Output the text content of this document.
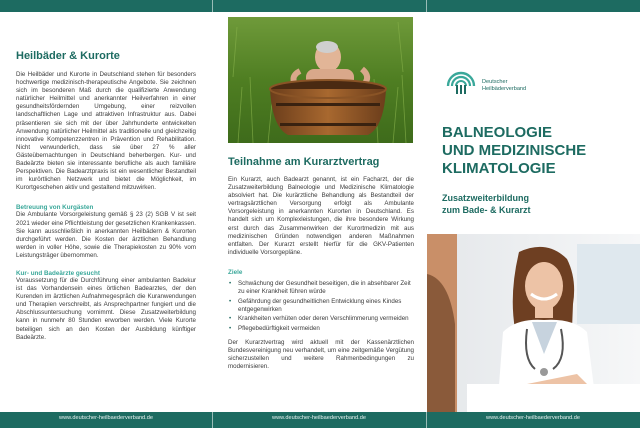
www.deutscher-heilbaederverband.de	www.deutscher-heilbaederverband.de	www.deutscher-heilbaederverband.de
Heilbäder & Kurorte

Die Heilbäder und Kurorte in Deutschland stehen für besonders hochwertige medizinisch-therapeutische Angebote. Sie zeichnen sich im besonderen Maß durch die qualifizierte Anwendung natürlicher Heilmittel und anerkannter Heilverfahren in einer gesundheitsfördernden Umgebung, einer reizvollen landschaftlichen Lage und attraktiven Infrastruktur aus. Dabei präsentieren sie sich mit der über Jahrhunderte entwickelten Anwendung natürlicher Heilmittel als traditionelle und gleichzeitig innovative Kompetenzzentren in Prävention und Rehabilitation. Nicht verwunderlich, dass sie über 27 % aller Gästeübernachtungen in Deutschland beherbergen. Kur- und Badeärzte bieten sie interessante berufliche als auch familiäre Perspektiven. Die Badearztpraxis ist ein wesentlicher Bestandteil im kurörtlichen Netzwerk und bietet die Möglichkeit, im Kurortgeschehen aktiv und gestaltend mitzuwirken.

Betreuung von Kurgästen

Die Ambulante Vorsorgeleistung gemäß § 23 (2) SGB V ist seit 2021 wieder eine Pflichtleistung der gesetzlichen Krankenkassen. Sie kann ausschließlich in anerkannten Heilbädern & Kurorten durchgeführt werden. Die Kosten der ärztlichen Behandlung werden in voller Höhe, sowie die Therapiekosten zu 90% vom Leistungsträger übernommen.

Kur- und Badeärzte gesucht

Voraussetzung für die Durchführung einer ambulanten Badekur ist das Vorhandensein eines örtlichen Badearztes, der den Kurenden im ärztlichen Aufnahmegespräch die Kuranwendungen und Therapien verschreibt, als Ansprechpartner fungiert und die Abschlussuntersuchung vornimmt. Diese Zusatzweiterbildung kann in nunmehr 80 Stunden erworben werden. Viele Kurorte beteiligen sich an den Kosten der Ausbildung künftiger Badeärzte.

Teilnahme am Kurarztvertrag

Ein Kurarzt, auch Badearzt genannt, ist ein Facharzt, der die Zusatzweiterbildung Balneologie und Medizinische Klimatologie absolviert hat. Die kurärztliche Behandlung als Bestandteil der vertragsärztlichen Versorgung erfolgt als Ambulante Vorsorgeleistung in anerkannten Kurorten in Deutschland. Es handelt sich um Komplexleistungen, die ihre besondere Wirkung erst durch das Zusammenwirken der Kurortmedizin mit aus medizinischen Gründen notwendigen anderen Maßnahmen entfalten. Der Kurarzt erstellt hierfür für die GKV-Patienten individuelle Vorsorgepläne.

Ziele
• Schwächung der Gesundheit beseitigen, die in absehbarer Zeit zu einer Krankheit führen würde
• Gefährdung der gesundheitlichen Entwicklung eines Kindes entgegenwirken
• Krankheiten verhüten oder deren Verschlimmerung vermeiden
• Pflegebedürftigkeit vermeiden

Der Kurarztvertrag wird aktuell mit der Kassenärztlichen Bundesvereinigung neu verhandelt, um eine zeitgemäße Vergütung sicherzustellen und weitere Rahmenbedingungen zu modernisieren.

Deutscher
Heilbäderverband
BALNEOLOGIE
UND MEDIZINISCHE
KLIMATOLOGIE
Zusatzweiterbildung
zum Bade- & Kurarzt
